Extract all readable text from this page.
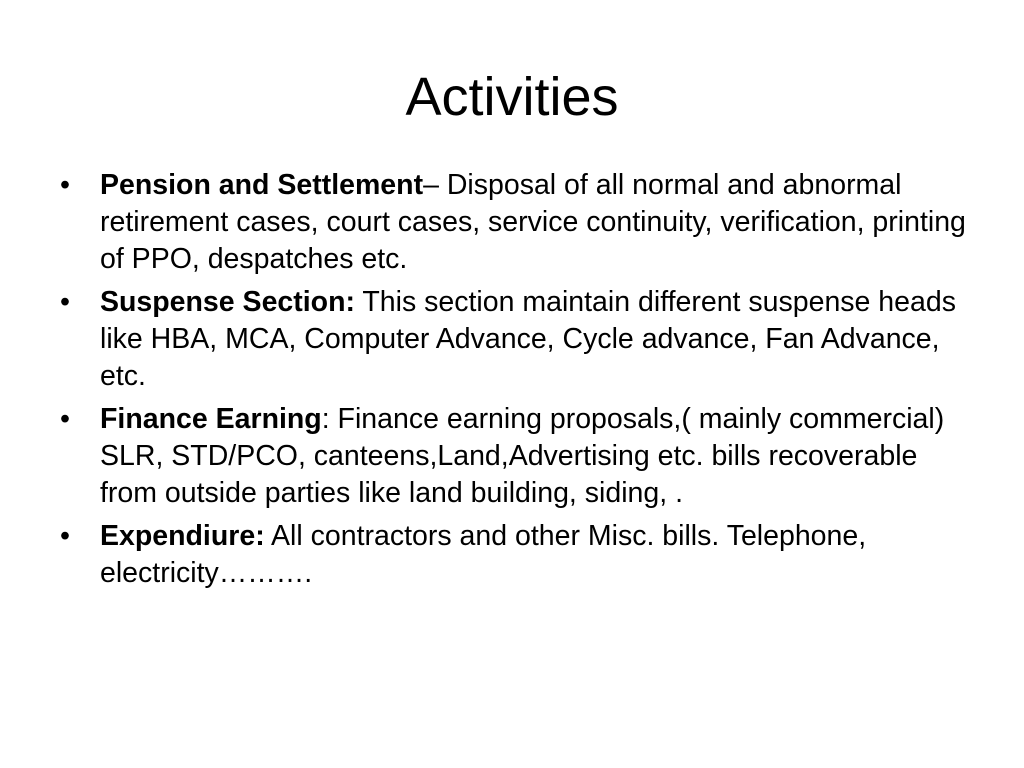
Activities
•	Pension and Settlement– Disposal of all normal and abnormal retirement cases, court cases, service continuity, verification, printing of PPO, despatches etc.
•	Suspense Section: This section maintain different suspense heads like HBA, MCA, Computer Advance, Cycle advance, Fan Advance, etc.
•	Finance Earning: Finance earning proposals,( mainly commercial) SLR, STD/PCO, canteens,Land,Advertising etc. bills recoverable from outside parties like land building, siding, .
•	Expendiure: All contractors and other Misc. bills. Telephone, electricity……….
